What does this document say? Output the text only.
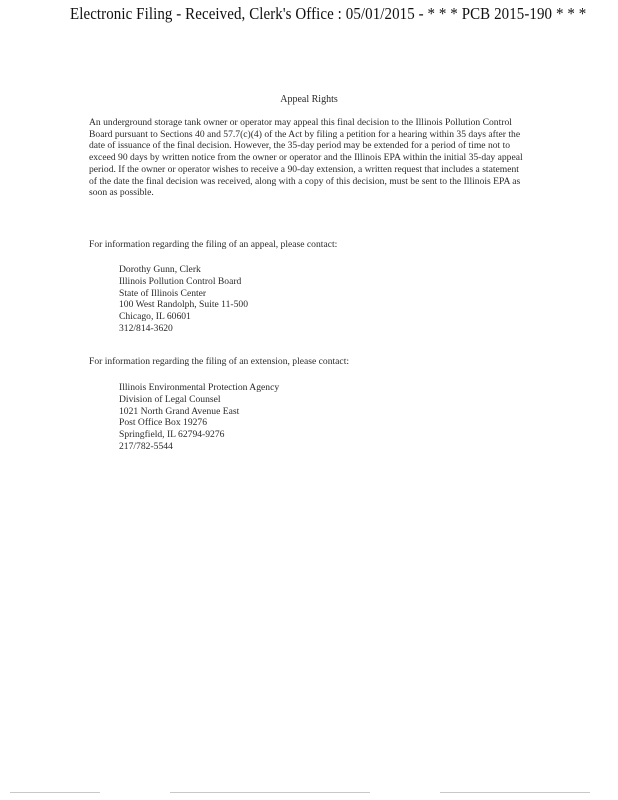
Electronic Filing - Received, Clerk's Office : 05/01/2015 - * * * PCB 2015-190 * * *
Appeal Rights
An underground storage tank owner or operator may appeal this final decision to the Illinois Pollution Control Board pursuant to Sections 40 and 57.7(c)(4) of the Act by filing a petition for a hearing within 35 days after the date of issuance of the final decision. However, the 35-day period may be extended for a period of time not to exceed 90 days by written notice from the owner or operator and the Illinois EPA within the initial 35-day appeal period. If the owner or operator wishes to receive a 90-day extension, a written request that includes a statement of the date the final decision was received, along with a copy of this decision, must be sent to the Illinois EPA as soon as possible.
For information regarding the filing of an appeal, please contact:
Dorothy Gunn, Clerk
Illinois Pollution Control Board
State of Illinois Center
100 West Randolph, Suite 11-500
Chicago, IL 60601
312/814-3620
For information regarding the filing of an extension, please contact:
Illinois Environmental Protection Agency
Division of Legal Counsel
1021 North Grand Avenue East
Post Office Box 19276
Springfield, IL 62794-9276
217/782-5544
